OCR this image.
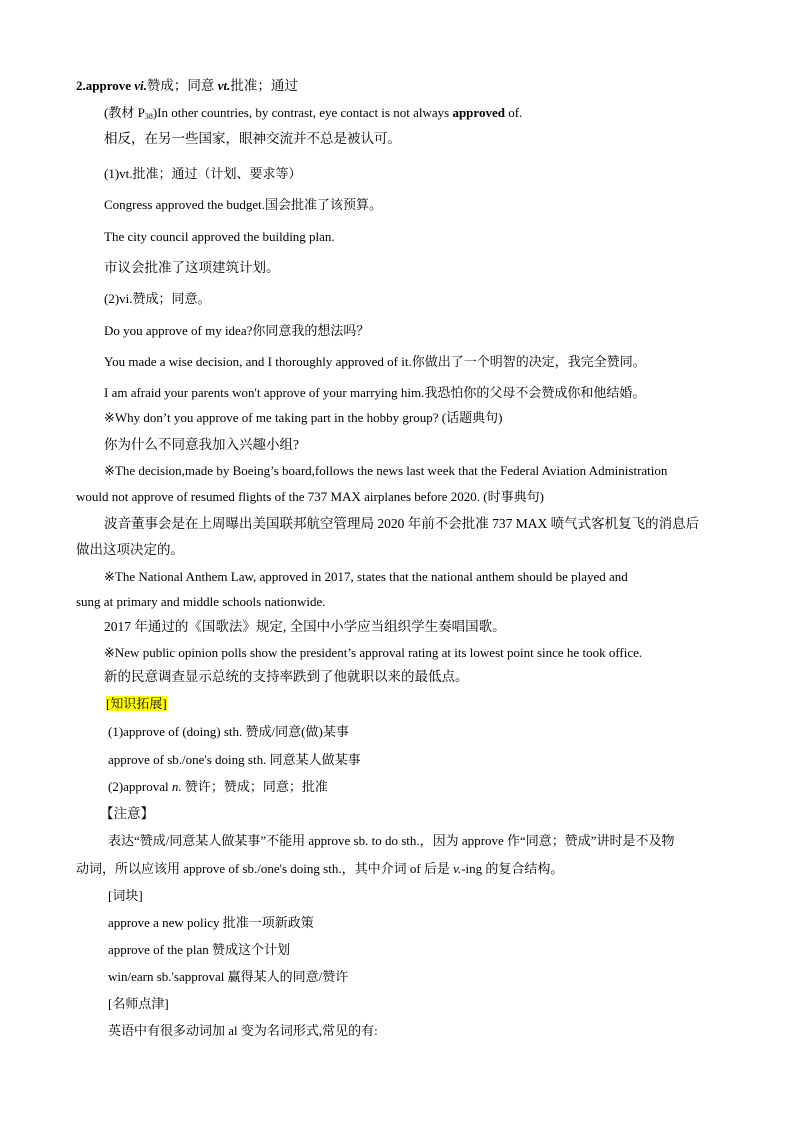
2.approve vi.赞成；同意 vt.批准；通过
(教材 $P_{38})In$ other countries, by contrast, eye contact is not always approved of.
相反，在另一些国家，眼神交流并不总是被认可。
(1)vt.批准；通过（计划、要求等）
Congress approved the budget.国会批准了该预算。
The city council approved the building plan.
市议会批准了这项建筑计划。
(2)vi.赞成；同意。
Do you approve of my idea?你同意我的想法吗？
You made a wise decision, and I thoroughly approved of it.你做出了一个明智的决定，我完全赞同。
I am afraid your parents won't approve of your marrying him.我恐怕你的父母不会赞成你和他结婚。
※Why don’t you approve of me taking part in the hobby group? (话题典句)
你为什么不同意我加入兴趣小组?
※The decision,made by Boeing’s board,follows the news last week that the Federal Aviation Administration
would not approve of resumed flights of the 737 MAX airplanes before 2020. (时事典句)
波音董事会是在上周曝出美国联邦航空管理局 2020 年前不会批准 737 MAX 喷气式客机复飞的消息后
做出这项决定的。
※The National Anthem Law, approved in 2017, states that the national anthem should be played and
sung at primary and middle schools nationwide.
2017 年通过的《国歌法》规定, 全国中小学应当组织学生奏唱国歌。
※New public opinion polls show the president’s approval rating at its lowest point since he took office.
新的民意调查显示总统的支持率跌到了他就职以来的最低点。
[知识拓展]
(1)approve of (doing) sth. 赞成/同意(做)某事
approve of sb./one's doing sth. 同意某人做某事
(2)approval n. 赞许；赞成；同意；批准
【注意】
表达“赞成/同意某人做某事”不能用 approve sb. to do sth.，因为 approve 作“同意；赞成”讲时是不及物
动词，所以应该用 approve of sb./one's doing sth.，其中介词 of 后是 v.-ing 的复合结构。
[词块]
approve a new policy 批准一项新政策
approve of the plan 赞成这个计划
win/earn sb.'sapproval 赢得某人的同意/赞许
[名师点津]
英语中有很多动词加 al 变为名词形式,常见的有:
